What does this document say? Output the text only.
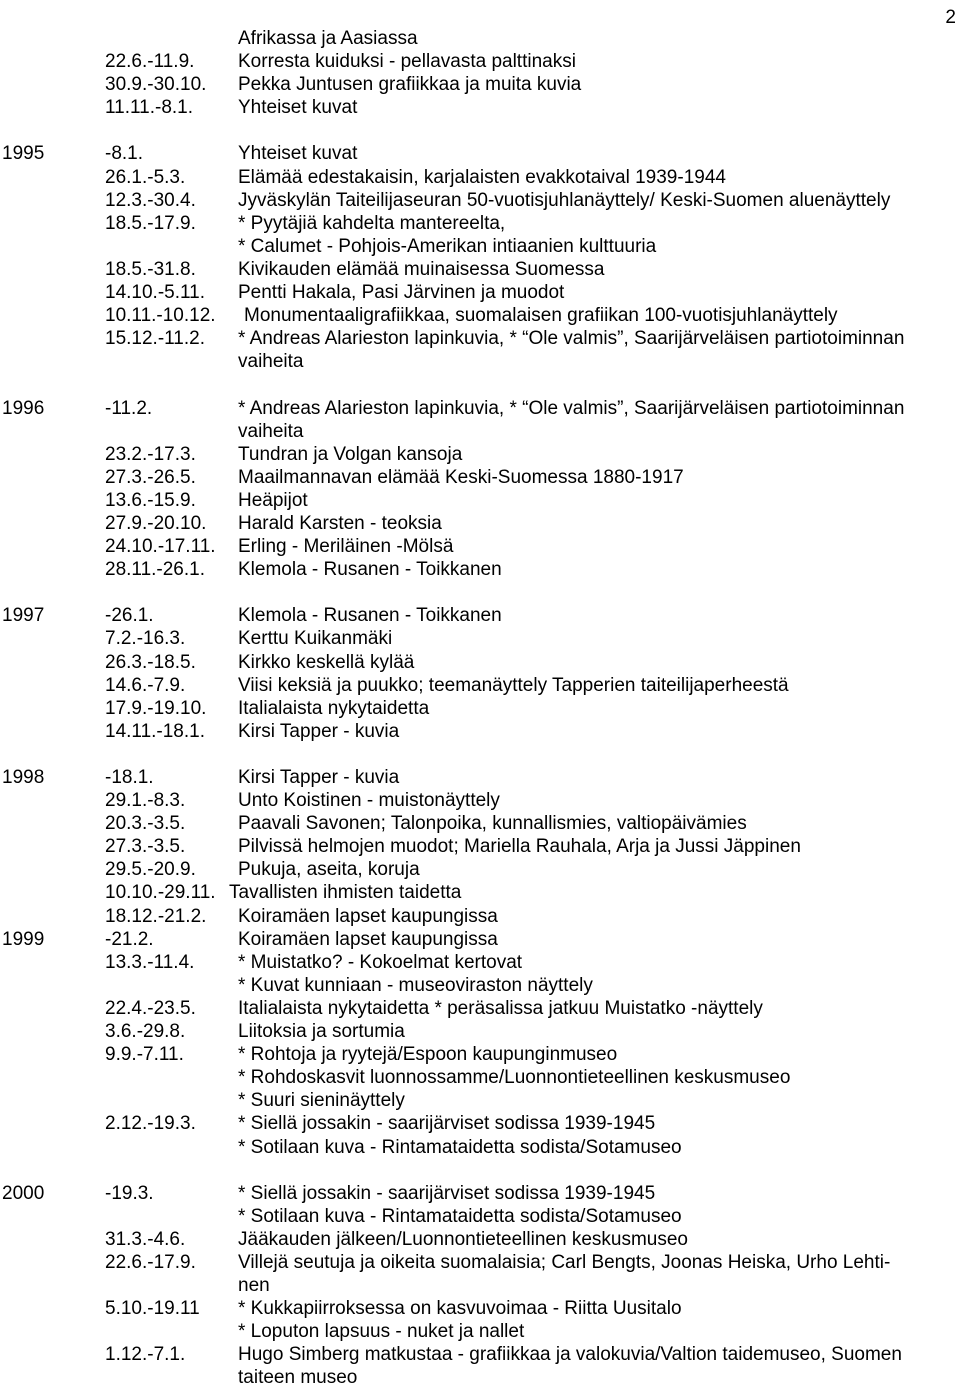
2
Afrikassa ja Aasiassa
22.6.-11.9. Korresta kuiduksi - pellavasta palttinaksi
30.9.-30.10. Pekka Juntusen grafiikkaa ja muita kuvia
11.11.-8.1. Yhteiset kuvat
1995	-8.1.	Yhteiset kuvat
26.1.-5.3.	Elämää edestakaisin, karjalaisten evakkotaival 1939-1944
12.3.-30.4. Jyväskylän Taiteilijaseuran 50-vuotisjuhlanäyttely/ Keski-Suomen aluenäyttely
18.5.-17.9. * Pyytäjiä kahdelta mantereelta,
* Calumet - Pohjois-Amerikan intiaanien kulttuuria
18.5.-31.8. Kivikauden elämää muinaisessa Suomessa
14.10.-5.11. Pentti Hakala, Pasi Järvinen ja muodot
10.11.-10.12. Monumentaaligrafiikkaa, suomalaisen grafiikan 100-vuotisjuhlanäyttely
15.12.-11.2. * Andreas Alarieston lapinkuvia, * “Ole valmis”, Saarijärveläisen partiotoiminnan
vaiheita
1996	-11.2.	* Andreas Alarieston lapinkuvia, * “Ole valmis”, Saarijärveläisen partiotoiminnan
vaiheita
23.2.-17.3. Tundran ja Volgan kansoja
27.3.-26.5. Maailmannavan elämää Keski-Suomessa 1880-1917
13.6.-15.9. Heäpijot
27.9.-20.10. Harald Karsten - teoksia
24.10.-17.11. Erling - Meriläinen -Mölsä
28.11.-26.1. Klemola - Rusanen - Toikkanen
1997	-26.1.	Klemola - Rusanen - Toikkanen
7.2.-16.3.	Kerttu Kuikanmäki
26.3.-18.5. Kirkko keskellä kylää
14.6.-7.9.	Viisi keksiä ja puukko; teemanäyttely Tapperien taiteilijaperheestä
17.9.-19.10. Italialaista nykytaidetta
14.11.-18.1. Kirsi Tapper - kuvia
1998	-18.1.	Kirsi Tapper - kuvia
29.1.-8.3.	Unto Koistinen - muistonäyttely
20.3.-3.5.	Paavali Savonen; Talonpoika, kunnallismies, valtiopäivämies
27.3.-3.5.	Pilvissä helmojen muodot; Mariella Rauhala, Arja ja Jussi Jäppinen
29.5.-20.9. Pukuja, aseita, koruja
10.10.-29.11. Tavallisten ihmisten taidetta
18.12.-21.2. Koiramäen lapset kaupungissa
1999	-21.2.	Koiramäen lapset kaupungissa
13.3.-11.4. * Muistatko? - Kokoelmat kertovat
* Kuvat kunniaan - museoviraston näyttely
22.4.-23.5. Italialaista nykytaidetta * peräsalissa jatkuu Muistatko -näyttely
3.6.-29.8.	Liitoksia ja sortumia
9.9.-7.11.	* Rohtoja ja ryytejä/Espoon kaupunginmuseo
* Rohdoskasvit luonnossamme/Luonnontieteellinen keskusmuseo
* Suuri sieninäyttely
2.12.-19.3. * Siellä jossakin - saarijärviset sodissa 1939-1945
* Sotilaan kuva - Rintamataidetta sodista/Sotamuseo
2000	-19.3.	* Siellä jossakin - saarijärviset sodissa 1939-1945
* Sotilaan kuva - Rintamataidetta sodista/Sotamuseo
31.3.-4.6.	Jääkauden jälkeen/Luonnontieteellinen keskusmuseo
22.6.-17.9. Villejä seutuja ja oikeita suomalaisia; Carl Bengts, Joonas Heiska, Urho Lehti-
nen
5.10.-19.11 * Kukkapiirroksessa on kasvuvoimaa - Riitta Uusitalo
* Loputon lapsuus - nuket ja nallet
1.12.-7.1.	Hugo Simberg matkustaa - grafiikkaa ja valokuvia/Valtion taidemuseo, Suomen
taiteen museo
